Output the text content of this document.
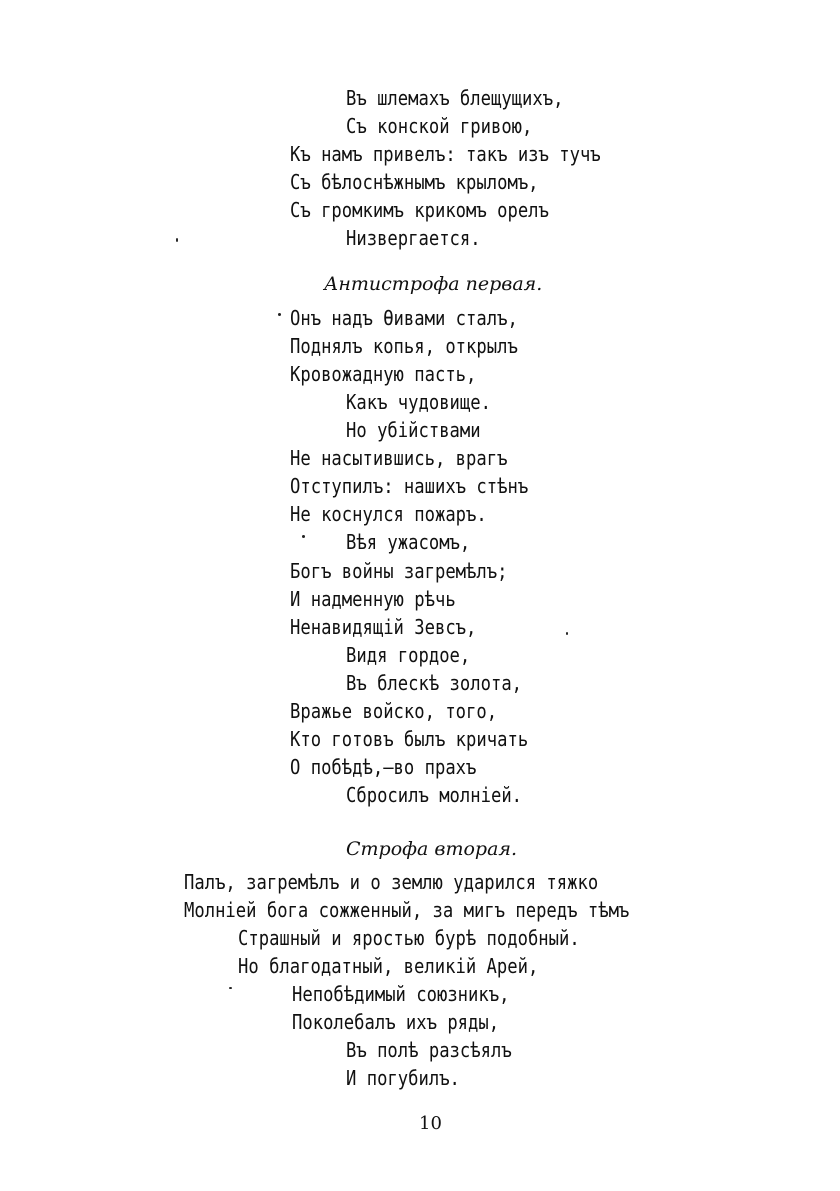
Въ шлемахъ блещущихъ,
Съ конской гривою,
Къ намъ привелъ: такъ изъ тучъ
Съ бѣлоснѣжнымъ крыломъ,
Съ громкимъ крикомъ орелъ
Низвергается.
Антистрофа первая.
Онъ надъ Ѳивами сталъ,
Поднялъ копья, открылъ
Кровожадную пасть,
Какъ чудовище.
Но убійствами
Не насытившись, врагъ
Отступилъ: нашихъ стѣнъ
Не коснулся пожаръ.
Вѣя ужасомъ,
Богъ войны загремѣлъ;
И надменную рѣчь
Ненавидящій Зевсъ,
Видя гордое,
Въ блескѣ золота,
Вражье войско, того,
Кто готовъ былъ кричать
О побѣдѣ,—во прахъ
Сбросилъ молніей.
Строфа вторая.
Палъ, загремѣлъ и о землю ударился тяжко
Молніей бога сожженный, за мигъ передъ тѣмъ
Страшный и яростью бурѣ подобный.
Но благодатный, великій Арей,
Непобѣдимый союзникъ,
Поколебалъ ихъ ряды,
Въ полѣ разсѣялъ
И погубилъ.
10
